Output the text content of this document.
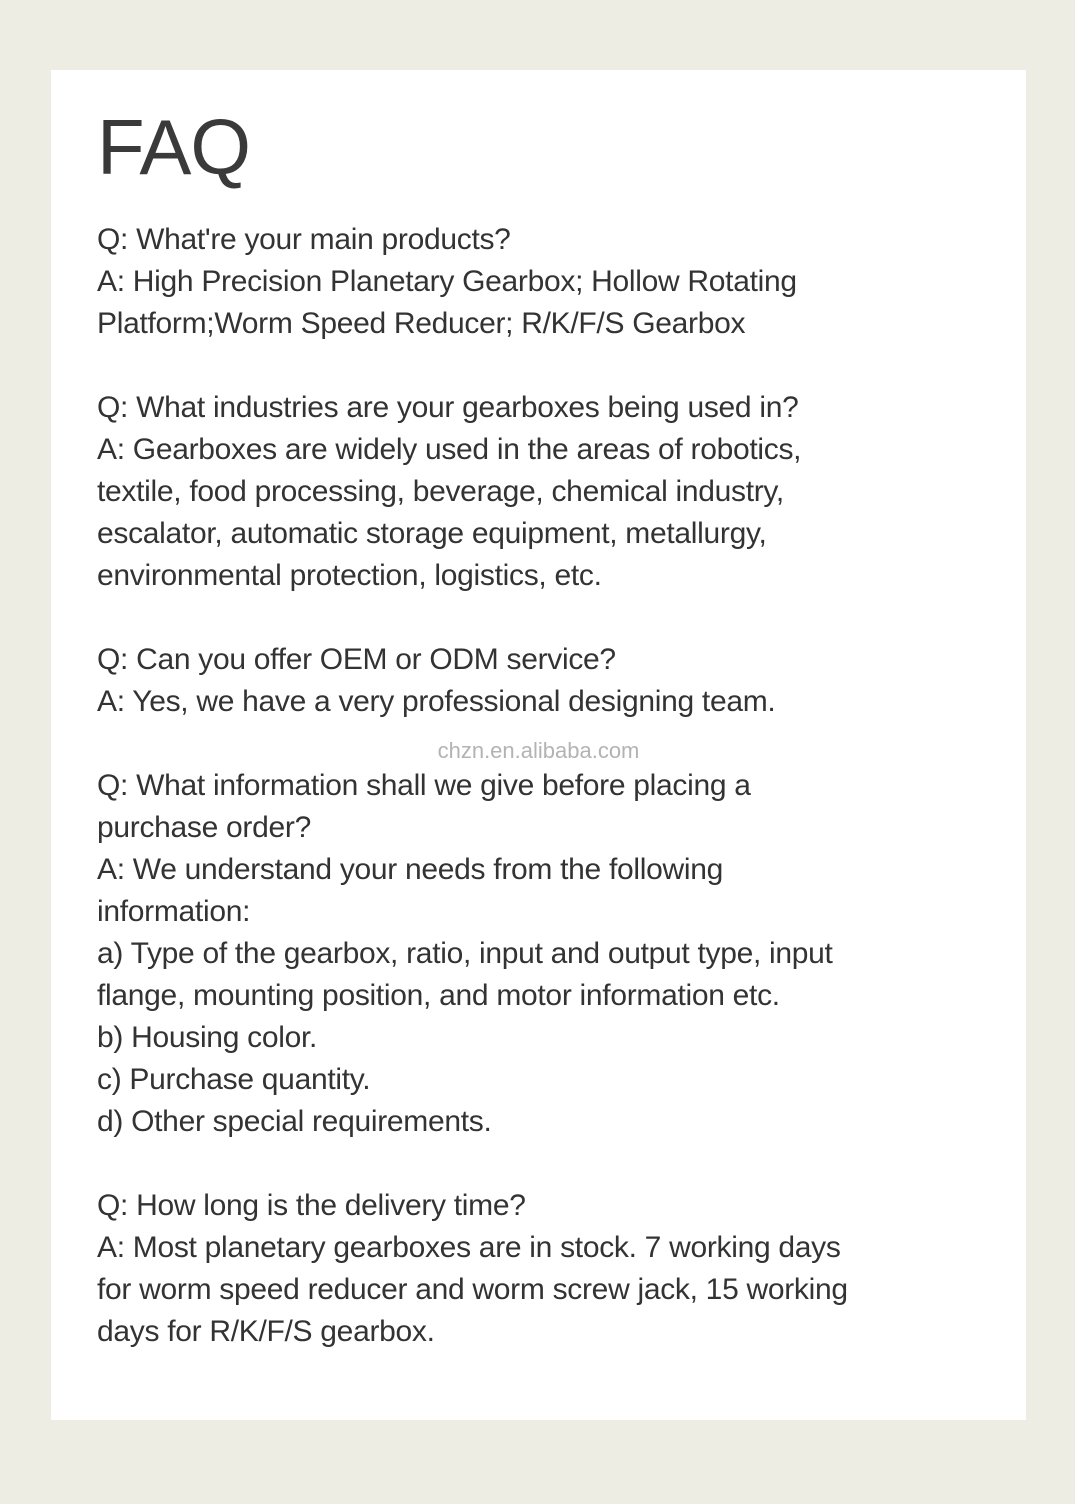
FAQ
Q: What're your main products?
A: High Precision Planetary Gearbox; Hollow Rotating
Platform;Worm Speed Reducer; R/K/F/S Gearbox
Q: What industries are your gearboxes being used in?
A: Gearboxes are widely used in the areas of robotics,
textile, food processing, beverage, chemical industry,
escalator, automatic storage equipment, metallurgy,
environmental protection, logistics, etc.
Q: Can you offer OEM or ODM service?
A: Yes, we have a very professional designing team.
chzn.en.alibaba.com
Q: What information shall we give before placing a
purchase order?
A: We understand your needs from the following
information:
a) Type of the gearbox, ratio, input and output type, input
flange, mounting position, and motor information etc.
b) Housing color.
c) Purchase quantity.
d) Other special requirements.
Q: How long is the delivery time?
A: Most planetary gearboxes are in stock. 7 working days
for worm speed reducer and worm screw jack, 15 working
days for R/K/F/S gearbox.
